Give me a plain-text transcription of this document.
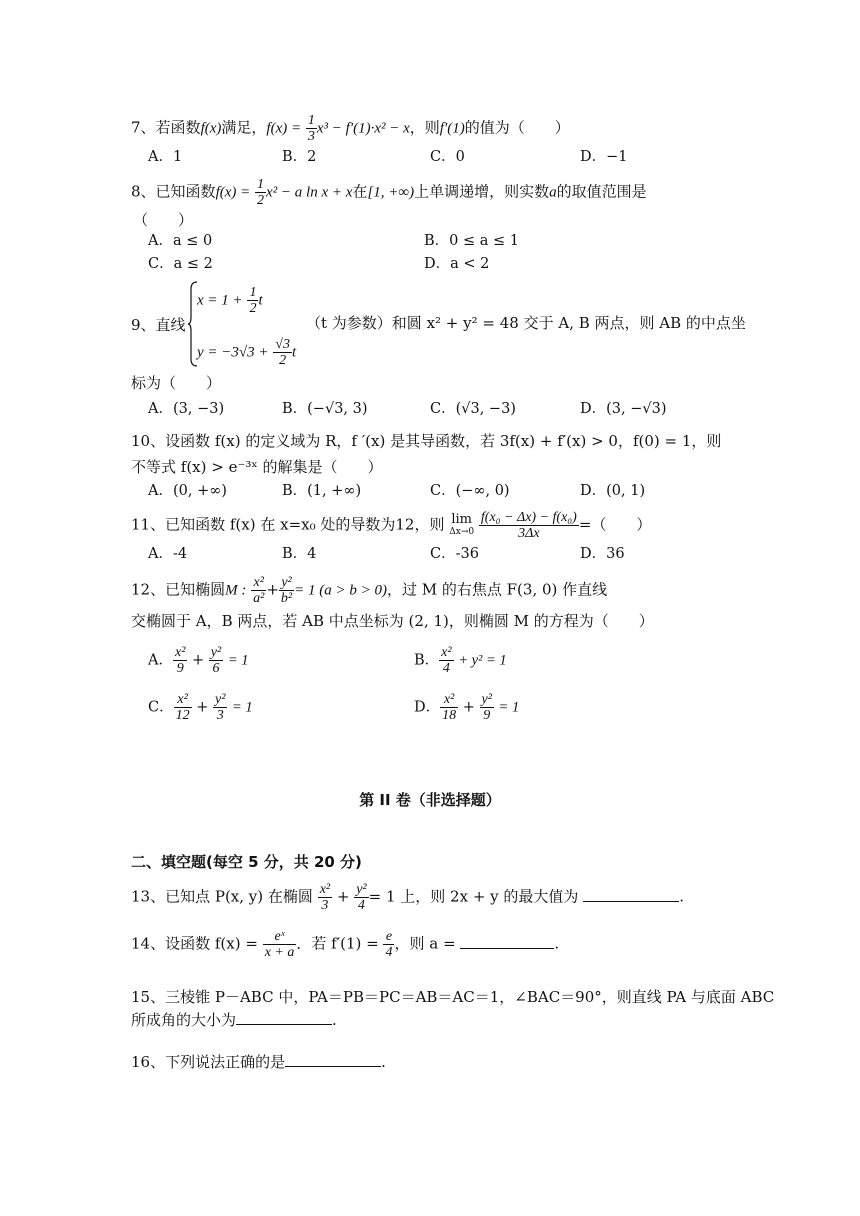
7、若函数f(x)满足，$f(x) = \frac{1}{3} x^3 - f'(1)\cdot x^2 - x$，则f′(1)的值为（　　）
A．1	B．2	C．0	D．−1
8、已知函数$f(x) = \frac{1}{2} x^2 - a$ ln x + x在[1, +∞)上单调递增，则实数a的取值范围是
（　　）
A．a ≤ 0	B．0 ≤ a ≤ 1
C．a ≤ 2	D．a < 2
9、直线
$x = 1 + \frac{1}{2}$ t
$y = -3√3 + \frac{√3}{2}$ t
（t 为参数）和圆 x² + y² = 48 交于 A, B 两点，则 AB 的中点坐
标为（　　）
A．(3, −3)	B．(−√3, 3)	C．(√3, −3)	D．(3, −√3)
10、设函数 f(x) 的定义域为 R，f ′(x) 是其导函数，若 3f(x) + f′(x) > 0，f(0) = 1，则
不等式 f(x) > e⁻³ˣ 的解集是（　　）
A．(0, +∞)	B．(1, +∞)	C．(−∞, 0)	D．(0, 1)
11、已知函数 f(x) 在 x=x₀ 处的导数为12，则 lim
Δx→0
$\frac{\text{f(x₀ − Δx) − f(x₀)}}{3\Delta x}$ =（　　）
A．-4	B．4	C．-36	D．36
12、已知椭圆M : $\frac{\text{x²}}{\text{a²}} + \frac{\text{y²}}{\text{b²}} = 1$ (a > b > 0)，过 M 的右焦点 F(3, 0) 作直线
交椭圆于 A，B 两点，若 AB 中点坐标为 (2, 1)，则椭圆 M 的方程为（　　）
A． $\frac{\text{x²}}{9} + \frac{\text{y²}}{6} = 1$	B． $\frac{\text{x²}}{4} + y^2 = 1$
C． $\frac{\text{x²}}{12} + \frac{\text{y²}}{3} = 1$	D． $\frac{\text{x²}}{18} + \frac{\text{y²}}{9} = 1$
第 II 卷（非选择题）
二、填空题(每空 5 分，共 20 分)
13、已知点 P(x, y) 在椭圆 $\frac{\text{x²}}{3} + \frac{\text{y²}}{4} = 1$ 上，则 2x + y 的最大值为	.
14、设函数 $f(x) = \frac{\text{eˣ}}{x + a}$ ．若 $f'(1) = \frac{e}{4}$ ，则 a =	.
15、三棱锥 P－ABC 中，PA＝PB＝PC＝AB＝AC＝1，∠BAC＝90°，则直线 PA 与底面 ABC
所成角的大小为	.
16、下列说法正确的是	.
